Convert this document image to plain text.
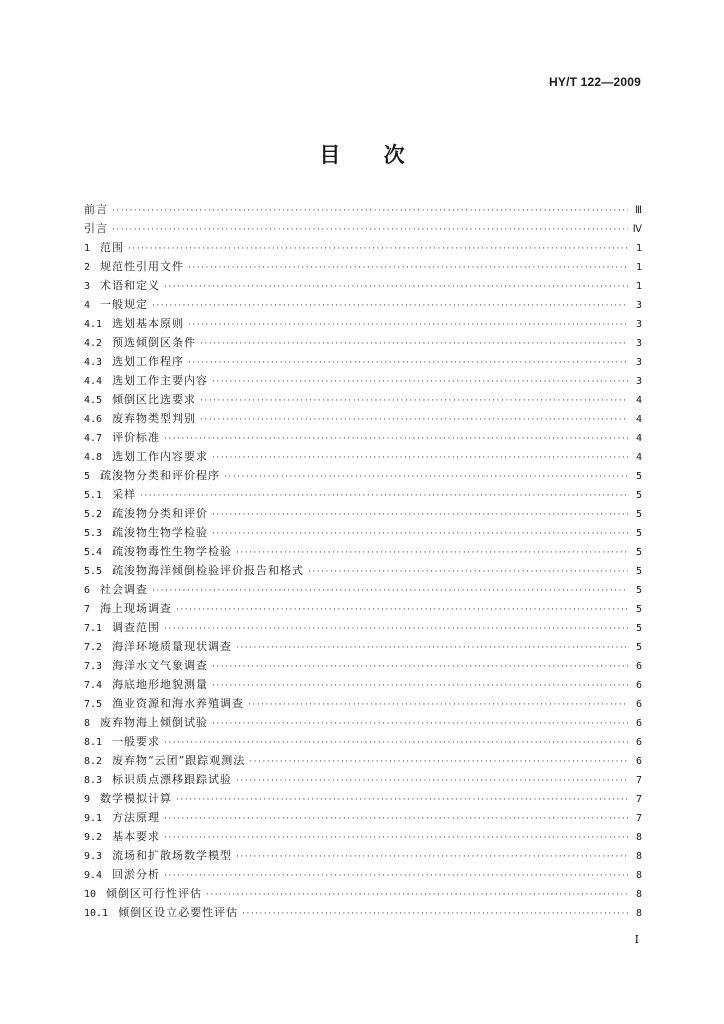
HY/T 122—2009
目 次
前言 ·····	Ⅲ
引言 ·····	Ⅳ
1 范围 ·····	1
2 规范性引用文件 ·····	1
3 术语和定义 ·····	1
4 一般规定 ·····	3
4.1 选划基本原则 ·····	3
4.2 预选倾倒区条件 ·····	3
4.3 选划工作程序 ·····	3
4.4 选划工作主要内容 ·····	3
4.5 倾倒区比选要求 ·····	4
4.6 废弃物类型判别 ·····	4
4.7 评价标准 ·····	4
4.8 选划工作内容要求 ·····	4
5 疏浚物分类和评价程序 ·····	5
5.1 采样 ·····	5
5.2 疏浚物分类和评价 ·····	5
5.3 疏浚物生物学检验 ·····	5
5.4 疏浚物毒性生物学检验 ·····	5
5.5 疏浚物海洋倾倒检验评价报告和格式 ·····	5
6 社会调查 ·····	5
7 海上现场调查 ·····	5
7.1 调查范围 ·····	5
7.2 海洋环境质量现状调查 ·····	5
7.3 海洋水文气象调查 ·····	6
7.4 海底地形地貌测量 ·····	6
7.5 渔业资源和海水养殖调查 ·····	6
8 废弃物海上倾倒试验 ·····	6
8.1 一般要求 ·····	6
8.2 废弃物“云团”跟踪观测法 ·····	6
8.3 标识质点漂移跟踪试验 ·····	7
9 数学模拟计算 ·····	7
9.1 方法原理 ·····	7
9.2 基本要求 ·····	8
9.3 流场和扩散场数学模型 ·····	8
9.4 回淤分析 ·····	8
10 倾倒区可行性评估 ·····	8
10.1 倾倒区设立必要性评估 ·····	8
I
